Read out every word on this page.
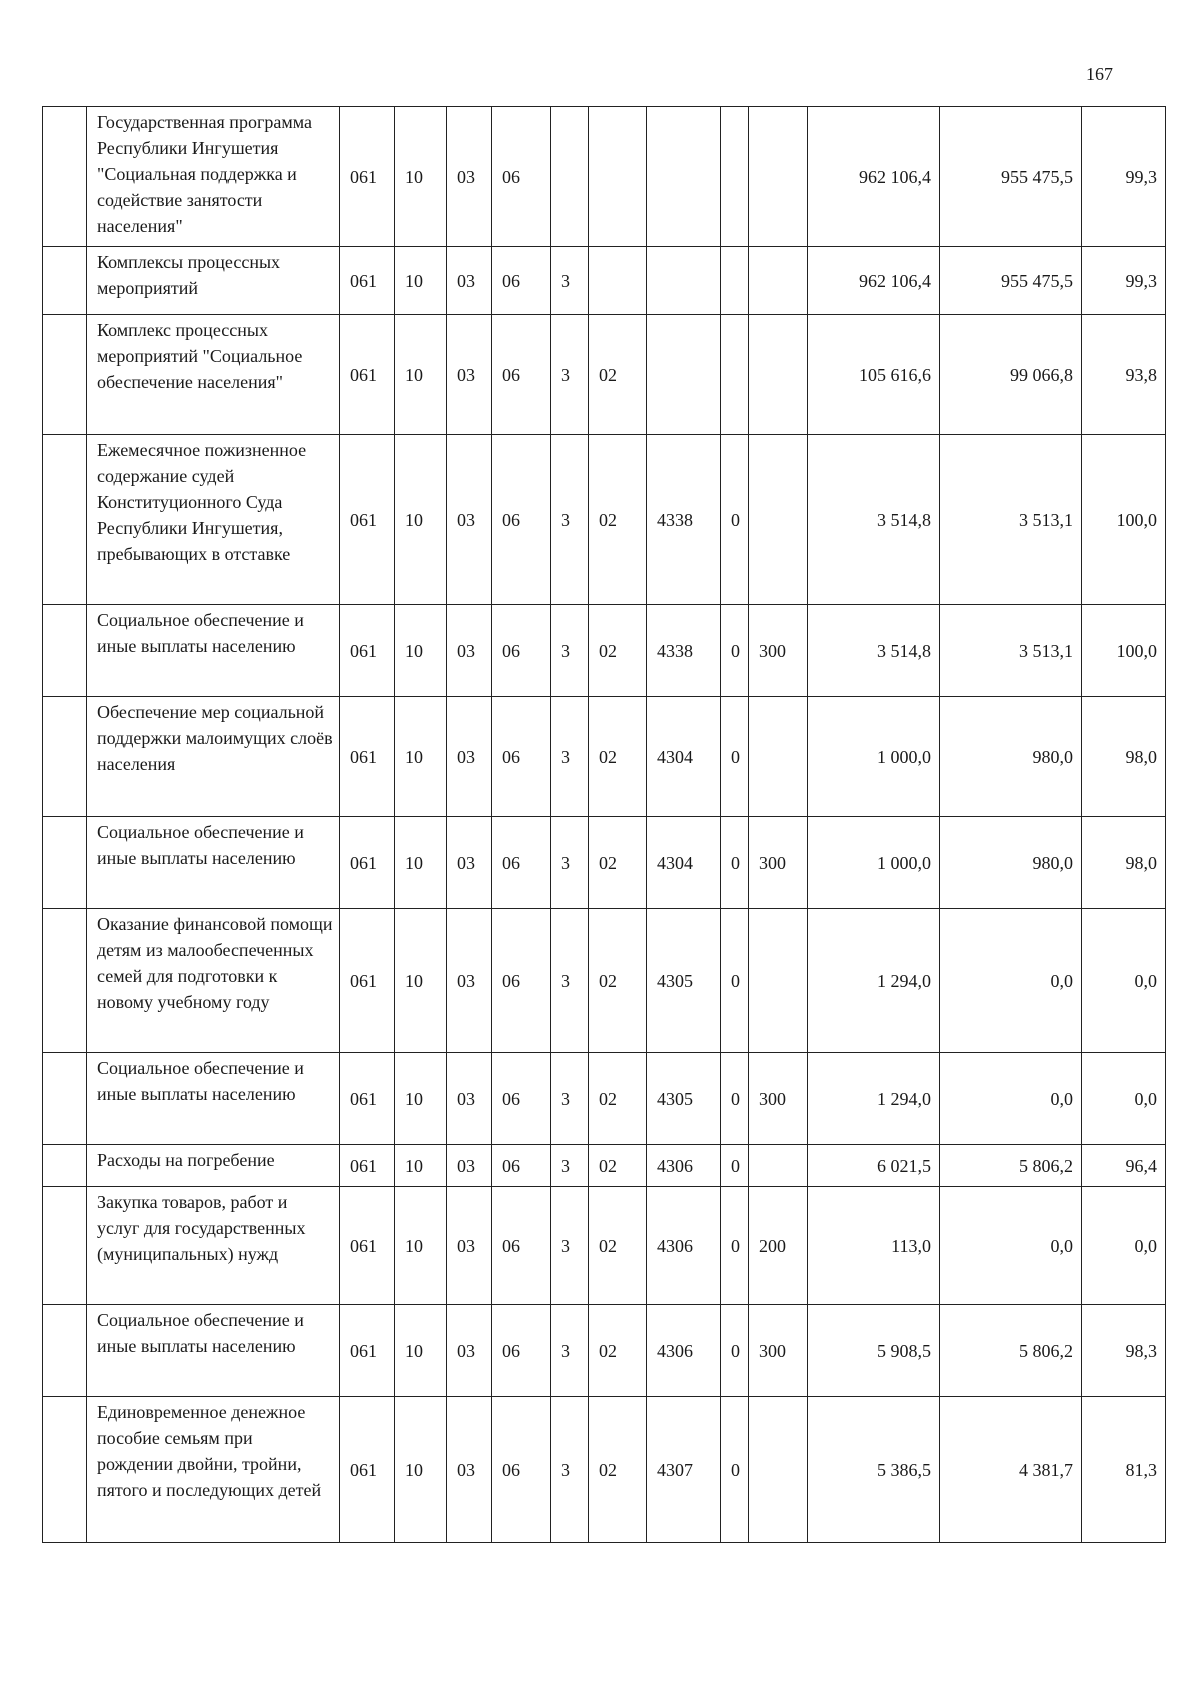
167
	Государственная программа Республики Ингушетия "Социальная поддержка и содействие занятости населения"	061	10	03	06						962 106,4	955 475,5	99,3
	Комплексы процессных мероприятий	061	10	03	06	3					962 106,4	955 475,5	99,3
	Комплекс процессных мероприятий "Социальное обеспечение населения"	061	10	03	06	3	02				105 616,6	99 066,8	93,8
	Ежемесячное пожизненное содержание судей Конституционного Суда Республики Ингушетия, пребывающих в отставке	061	10	03	06	3	02	4338	0		3 514,8	3 513,1	100,0
	Социальное обеспечение и иные выплаты населению	061	10	03	06	3	02	4338	0	300	3 514,8	3 513,1	100,0
	Обеспечение мер социальной поддержки малоимущих слоёв населения	061	10	03	06	3	02	4304	0		1 000,0	980,0	98,0
	Социальное обеспечение и иные выплаты населению	061	10	03	06	3	02	4304	0	300	1 000,0	980,0	98,0
	Оказание финансовой помощи детям из малообеспеченных семей для подготовки к новому учебному году	061	10	03	06	3	02	4305	0		1 294,0	0,0	0,0
	Социальное обеспечение и иные выплаты населению	061	10	03	06	3	02	4305	0	300	1 294,0	0,0	0,0
	Расходы на погребение	061	10	03	06	3	02	4306	0		6 021,5	5 806,2	96,4
	Закупка товаров, работ и услуг для государственных (муниципальных) нужд	061	10	03	06	3	02	4306	0	200	113,0	0,0	0,0
	Социальное обеспечение и иные выплаты населению	061	10	03	06	3	02	4306	0	300	5 908,5	5 806,2	98,3
	Единовременное денежное пособие семьям при рождении двойни, тройни, пятого и последующих детей	061	10	03	06	3	02	4307	0		5 386,5	4 381,7	81,3
